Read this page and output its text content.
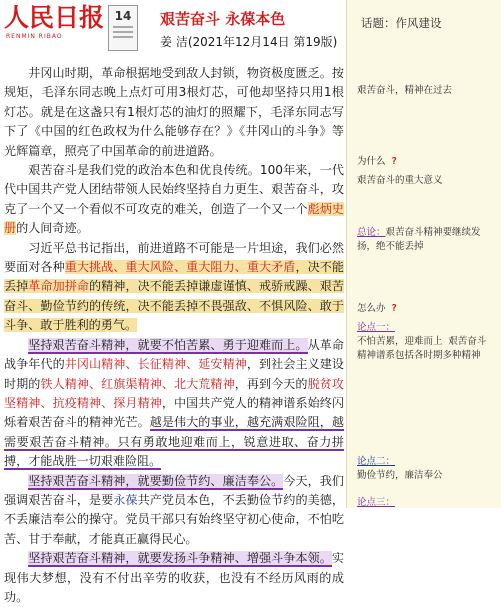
人民日报
RENMIN RIBAO
14	艰苦奋斗 永葆本色
姜 洁(2021年12月14日 第19版)

井冈山时期，革命根据地受到敌人封锁，物资极度匮乏。按规矩，毛泽东同志晚上点灯可用3根灯芯，可他却坚持只用1根灯芯。就是在这盏只有1根灯芯的油灯的照耀下，毛泽东同志写下了《中国的红色政权为什么能够存在？》《井冈山的斗争》等光辉篇章，照亮了中国革命的前进道路。

艰苦奋斗是我们党的政治本色和优良传统。100年来，一代代中国共产党人团结带领人民始终坚持自力更生、艰苦奋斗，攻克了一个又一个看似不可攻克的难关，创造了一个又一个彪炳史册的人间奇迹。

习近平总书记指出，前进道路不可能是一片坦途，我们必然要面对各种重大挑战、重大风险、重大阻力、重大矛盾，决不能丢掉革命加拼命的精神，决不能丢掉谦虚谨慎、戒骄戒躁、艰苦奋斗、勤俭节约的传统，决不能丢掉不畏强敌、不惧风险、敢于斗争、敢于胜利的勇气。

坚持艰苦奋斗精神，就要不怕苦累、勇于迎难而上。从革命战争年代的井冈山精神、长征精神、延安精神，到社会主义建设时期的铁人精神、红旗渠精神、北大荒精神，再到今天的脱贫攻坚精神、抗疫精神、探月精神，中国共产党人的精神谱系始终闪烁着艰苦奋斗的精神光芒。越是伟大的事业，越充满艰险阻，越需要艰苦奋斗精神。只有勇敢地迎难而上，锐意进取、奋力拼搏，才能战胜一切艰难险阻。

坚持艰苦奋斗精神，就要勤俭节约、廉洁奉公。今天，我们强调艰苦奋斗，是要永葆共产党员本色，不丢勤俭节约的美德，不丢廉洁奉公的操守。党员干部只有始终坚守初心使命，不怕吃苦、甘于奉献，才能真正赢得民心。

坚持艰苦奋斗精神，就要发扬斗争精神、增强斗争本领。实现伟大梦想，没有不付出辛劳的收获，也没有不经历风雨的成功。

话题：作风建设
艰苦奋斗，精神在过去
为什么 ?
艰苦奋斗的重大意义
总论：艰苦奋斗精神要继续发扬，绝不能丢掉
怎么办 ?
论点一：
不怕苦累，迎难而上 艰苦奋斗精神谱系包括各时期多种精神
论点二：
勤俭节约，廉洁奉公
论点三：
